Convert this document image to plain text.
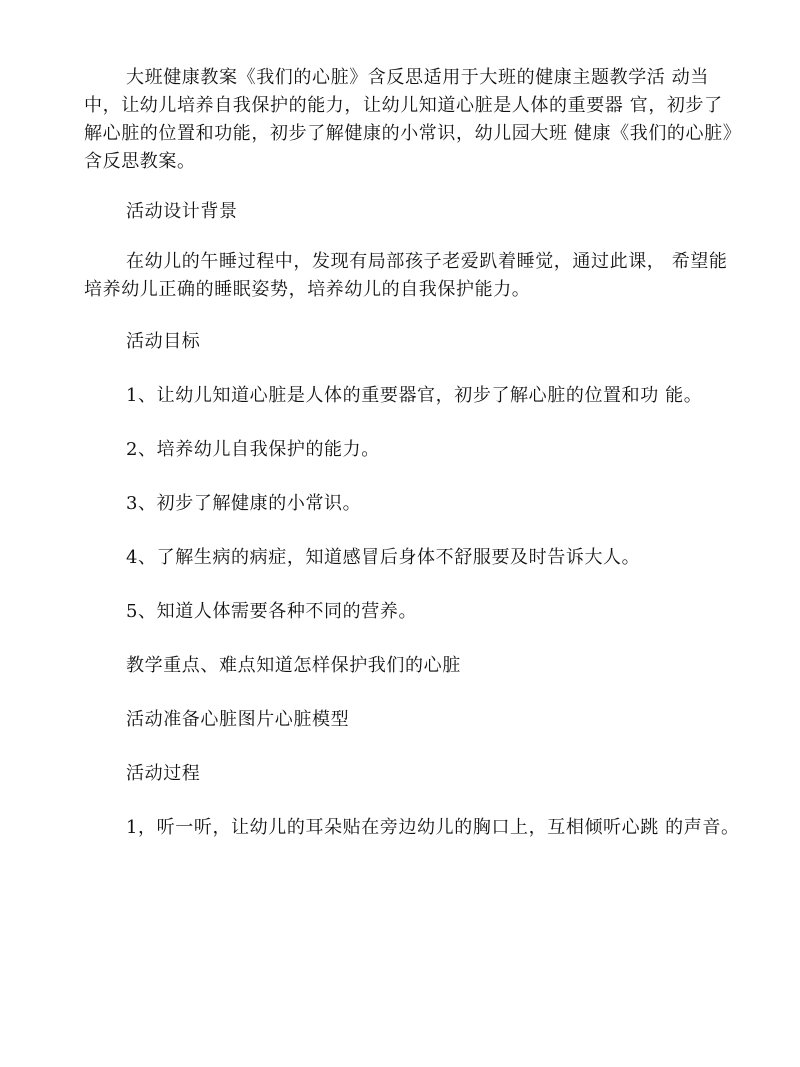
大班健康教案《我们的心脏》含反思适用于大班的健康主题教学活 动当中，让幼儿培养自我保护的能力，让幼儿知道心脏是人体的重要器 官，初步了解心脏的位置和功能，初步了解健康的小常识，幼儿园大班 健康《我们的心脏》含反思教案。

活动设计背景

在幼儿的午睡过程中，发现有局部孩子老爱趴着睡觉，通过此课， 希望能培养幼儿正确的睡眠姿势，培养幼儿的自我保护能力。

活动目标

1、让幼儿知道心脏是人体的重要器官，初步了解心脏的位置和功 能。

2、培养幼儿自我保护的能力。

3、初步了解健康的小常识。

4、了解生病的病症，知道感冒后身体不舒服要及时告诉大人。

5、知道人体需要各种不同的营养。

教学重点、难点知道怎样保护我们的心脏

活动准备心脏图片心脏模型

活动过程

1，听一听，让幼儿的耳朵贴在旁边幼儿的胸口上，互相倾听心跳 的声音。
